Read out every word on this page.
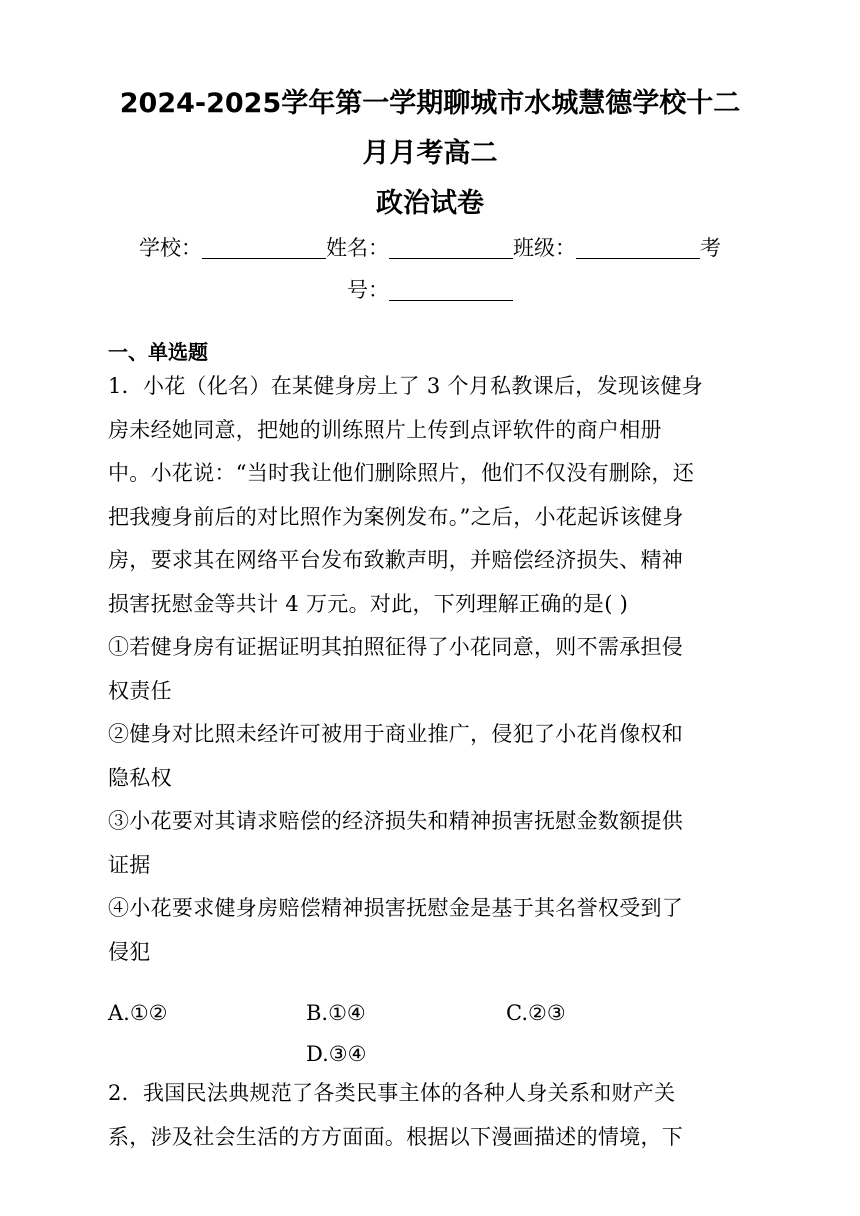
2024-2025学年第一学期聊城市水城慧德学校十二
月月考高二
政治试卷
学校：	姓名：	班级：	考
号：
一、单选题
1．小花（化名）在某健身房上了 3 个月私教课后，发现该健身
房未经她同意，把她的训练照片上传到点评软件的商户相册
中。小花说：“当时我让他们删除照片，他们不仅没有删除，还
把我瘦身前后的对比照作为案例发布。”之后，小花起诉该健身
房，要求其在网络平台发布致歉声明，并赔偿经济损失、精神
损害抚慰金等共计 4 万元。对此，下列理解正确的是( )
①若健身房有证据证明其拍照征得了小花同意，则不需承担侵
权责任
②健身对比照未经许可被用于商业推广，侵犯了小花肖像权和
隐私权
③小花要对其请求赔偿的经济损失和精神损害抚慰金数额提供
证据
④小花要求健身房赔偿精神损害抚慰金是基于其名誉权受到了
侵犯
A.①②	B.①④	C.②③
D.③④
2．我国民法典规范了各类民事主体的各种人身关系和财产关
系，涉及社会生活的方方面面。根据以下漫画描述的情境，下
